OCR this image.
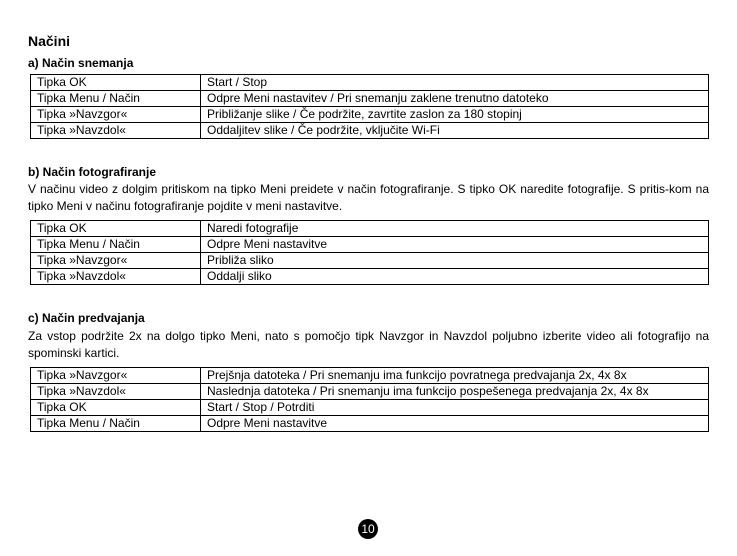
Načini
a) Način snemanja
Tipka OK	Start / Stop
Tipka Menu / Način	Odpre Meni nastavitev / Pri snemanju zaklene trenutno datoteko
Tipka »Navzgor«	Približanje slike / Če podržite, zavrtite zaslon za 180 stopinj
Tipka »Navzdol«	Oddaljitev slike / Če podržite, vključite Wi-Fi
b) Način fotografiranje
V načinu video z dolgim pritiskom na tipko Meni preidete v način fotografiranje. S tipko OK naredite fotografije. S pritis-kom na tipko Meni v načinu fotografiranje pojdite v meni nastavitve.
Tipka OK	Naredi fotografije
Tipka Menu / Način	Odpre Meni nastavitve
Tipka »Navzgor«	Približa sliko
Tipka »Navzdol«	Oddalji sliko
c) Način predvajanja
Za vstop podržite 2x na dolgo tipko Meni, nato s pomočjo tipk Navzgor in Navzdol poljubno izberite video ali fotografijo na spominski kartici.
Tipka »Navzgor«	Prejšnja datoteka / Pri snemanju ima funkcijo povratnega predvajanja 2x, 4x 8x
Tipka »Navzdol«	Naslednja datoteka / Pri snemanju ima funkcijo pospešenega predvajanja 2x, 4x 8x
Tipka OK	Start / Stop / Potrditi
Tipka Menu / Način	Odpre Meni nastavitve
10
